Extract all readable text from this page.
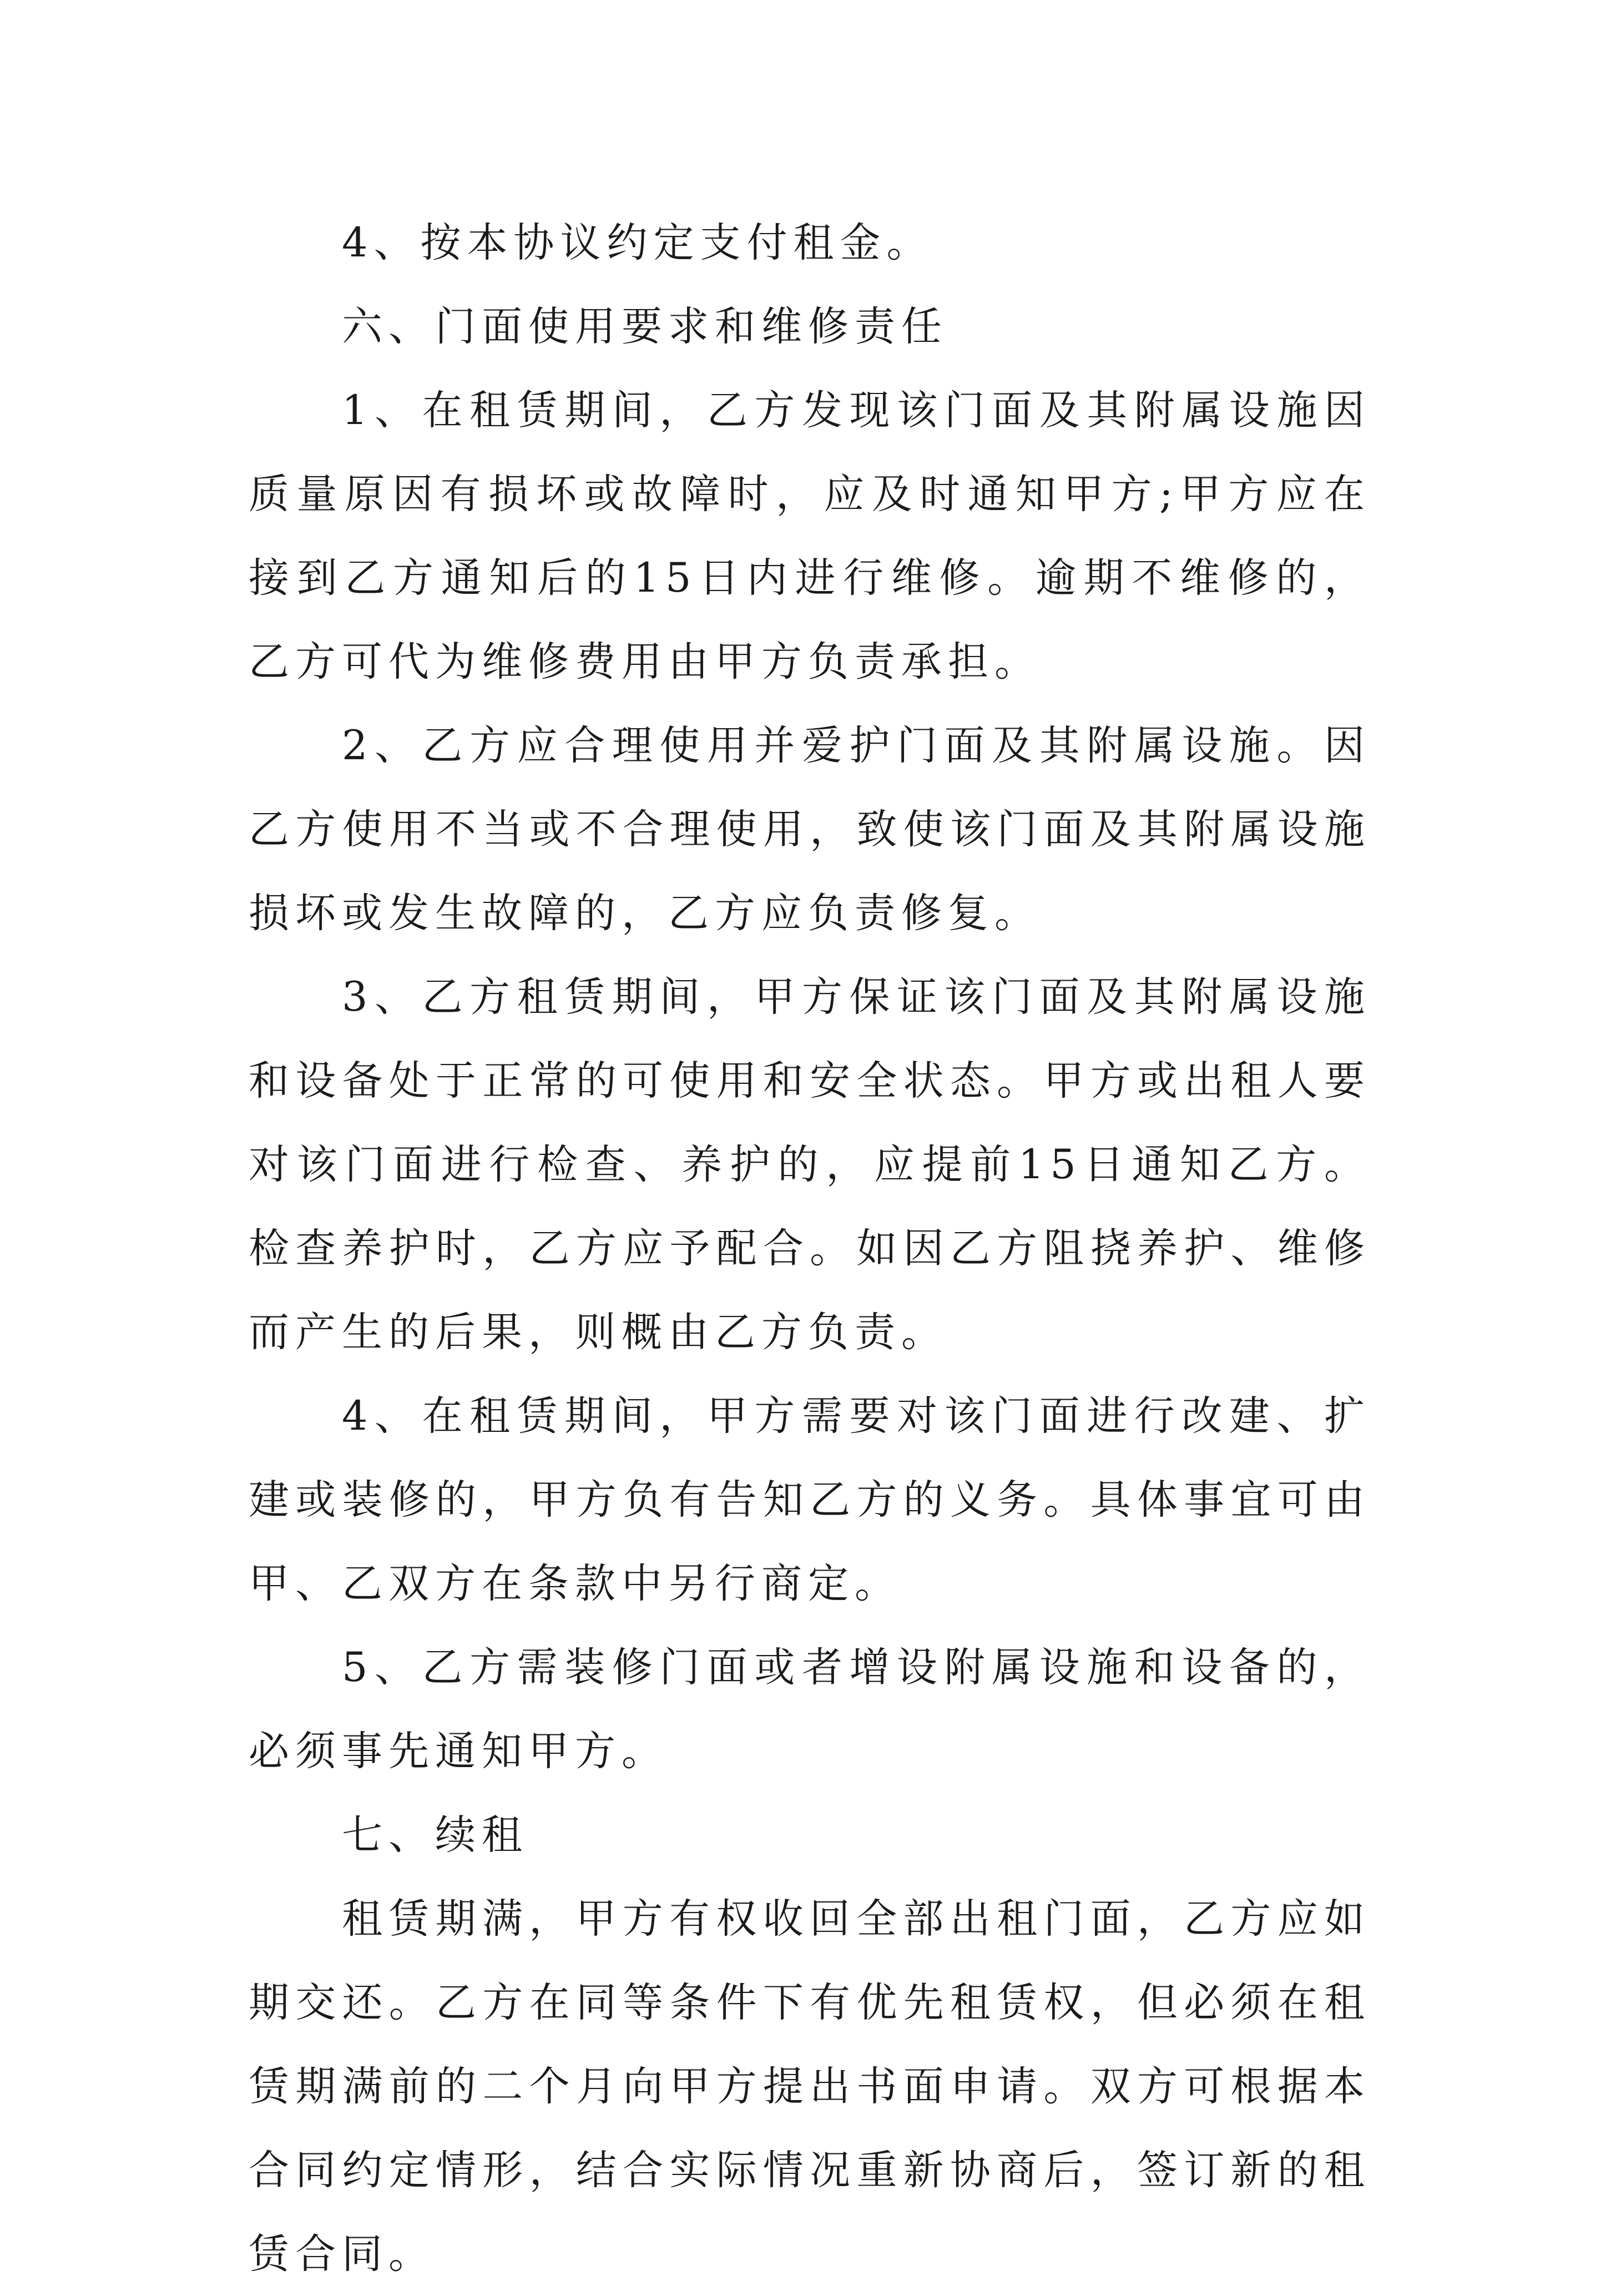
4、按本协议约定支付租金。

六、门面使用要求和维修责任

1、在租赁期间，乙方发现该门面及其附属设施因质量原因有损坏或故障时，应及时通知甲方;甲方应在接到乙方通知后的15日内进行维修。逾期不维修的，乙方可代为维修费用由甲方负责承担。

2、乙方应合理使用并爱护门面及其附属设施。因乙方使用不当或不合理使用，致使该门面及其附属设施损坏或发生故障的，乙方应负责修复。

3、乙方租赁期间，甲方保证该门面及其附属设施和设备处于正常的可使用和安全状态。甲方或出租人要对该门面进行检查、养护的，应提前15日通知乙方。检查养护时，乙方应予配合。如因乙方阻挠养护、维修而产生的后果，则概由乙方负责。

4、在租赁期间，甲方需要对该门面进行改建、扩建或装修的，甲方负有告知乙方的义务。具体事宜可由甲、乙双方在条款中另行商定。

5、乙方需装修门面或者增设附属设施和设备的，必须事先通知甲方。

七、续租

租赁期满，甲方有权收回全部出租门面，乙方应如期交还。乙方在同等条件下有优先租赁权，但必须在租赁期满前的二个月向甲方提出书面申请。双方可根据本合同约定情形，结合实际情况重新协商后，签订新的租赁合同。
